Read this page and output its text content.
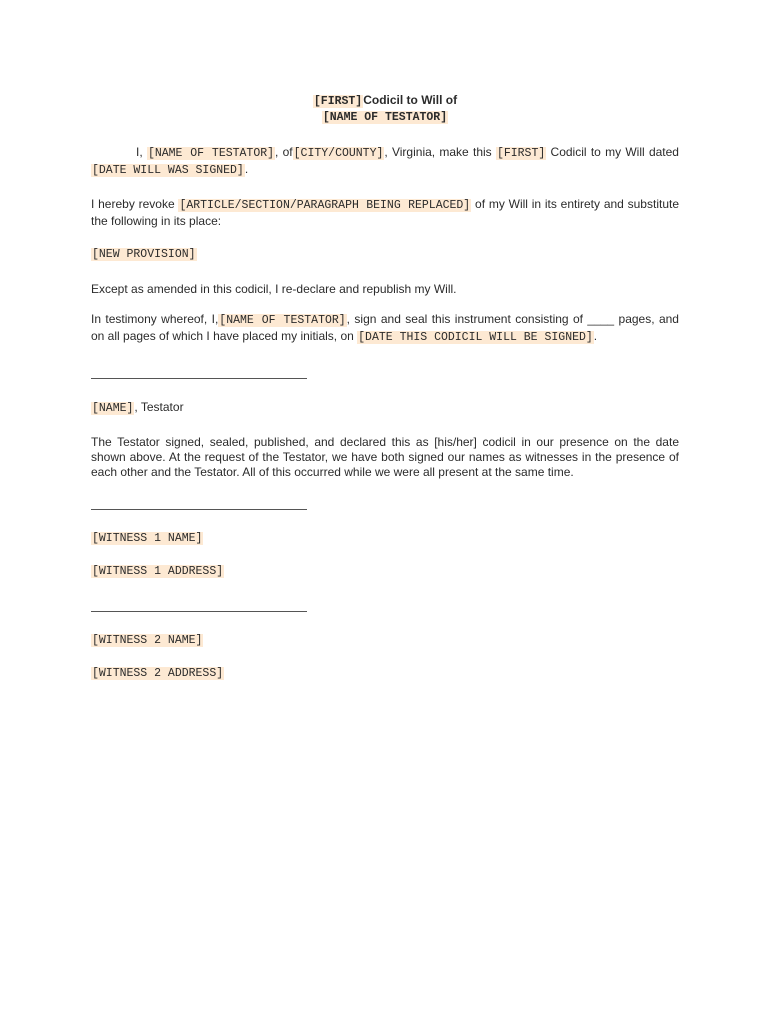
[FIRST]Codicil to Will of
[NAME OF TESTATOR]

I, [NAME OF TESTATOR], of[CITY/COUNTY], Virginia, make this [FIRST] Codicil to my Will dated [DATE WILL WAS SIGNED].

I hereby revoke [ARTICLE/SECTION/PARAGRAPH BEING REPLACED] of my Will in its entirety and substitute the following in its place:

[NEW PROVISION]

Except as amended in this codicil, I re-declare and republish my Will.

In testimony whereof, I,[NAME OF TESTATOR], sign and seal this instrument consisting of ____ pages, and on all pages of which I have placed my initials, on [DATE THIS CODICIL WILL BE SIGNED].

[NAME], Testator

The Testator signed, sealed, published, and declared this as [his/her] codicil in our presence on the date shown above. At the request of the Testator, we have both signed our names as witnesses in the presence of each other and the Testator. All of this occurred while we were all present at the same time.

[WITNESS 1 NAME]

[WITNESS 1 ADDRESS]

[WITNESS 2 NAME]

[WITNESS 2 ADDRESS]
